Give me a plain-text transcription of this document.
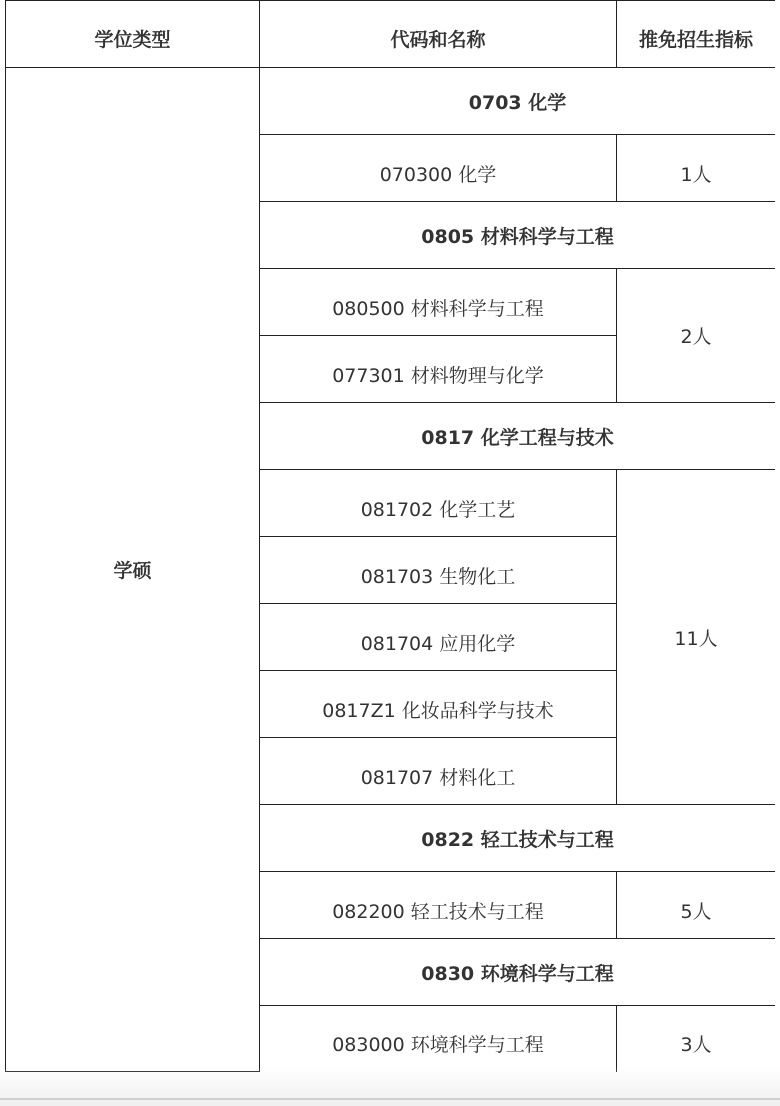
学位类型	代码和名称	推免招生指标
学硕	0703 化学	
	070300 化学	1人
	0805 材料科学与工程	
	080500 材料科学与工程	2人
	077301 材料物理与化学	
	0817 化学工程与技术	
	081702 化学工艺	11人
	081703 生物化工	
	081704 应用化学	
	0817Z1 化妆品科学与技术	
	081707 材料化工	
	0822 轻工技术与工程	
	082200 轻工技术与工程	5人
	0830 环境科学与工程	
	083000 环境科学与工程	3人
